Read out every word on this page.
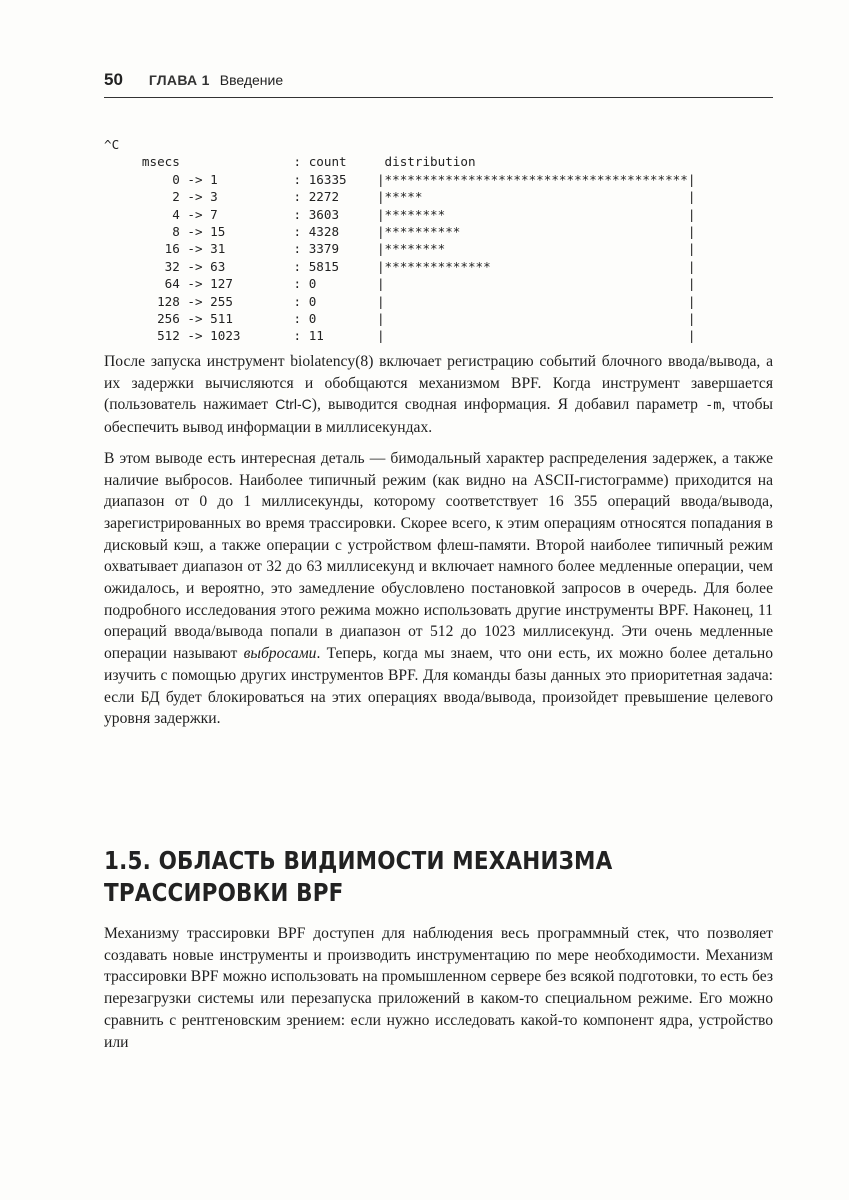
50 ГЛАВА 1 Введение
^C
msecs               : count     distribution
0 -> 1          : 16335    |****************************************|
2 -> 3          : 2272     |*****                                   |
4 -> 7          : 3603     |********                                |
8 -> 15         : 4328     |**********                              |
16 -> 31         : 3379     |********                                |
32 -> 63         : 5815     |**************                          |
64 -> 127        : 0        |                                        |
128 -> 255        : 0        |                                        |
256 -> 511        : 0        |                                        |
512 -> 1023       : 11       |                                        |

После запуска инструмент biolatency(8) включает регистрацию событий блочного ввода/вывода, а их задержки вычисляются и обобщаются механизмом BPF. Когда инструмент завершается (пользователь нажимает Ctrl-C), выводится сводная информация. Я добавил параметр -m, чтобы обеспечить вывод информации в миллисекундах.

В этом выводе есть интересная деталь — бимодальный характер распределения задержек, а также наличие выбросов. Наиболее типичный режим (как видно на ASCII-гистограмме) приходится на диапазон от 0 до 1 миллисекунды, которому соответствует 16 355 операций ввода/вывода, зарегистрированных во время трассировки. Скорее всего, к этим операциям относятся попадания в дисковый кэш, а также операции с устройством флеш-памяти. Второй наиболее типичный режим охватывает диапазон от 32 до 63 миллисекунд и включает намного более медленные операции, чем ожидалось, и вероятно, это замедление обусловлено постановкой запросов в очередь. Для более подробного исследования этого режима можно использовать другие инструменты BPF. Наконец, 11 операций ввода/вывода попали в диапазон от 512 до 1023 миллисекунд. Эти очень медленные операции называют выбросами. Теперь, когда мы знаем, что они есть, их можно более детально изучить с помощью других инструментов BPF. Для команды базы данных это приоритетная задача: если БД будет блокироваться на этих операциях ввода/вывода, произойдет превышение целевого уровня задержки.

1.5. ОБЛАСТЬ ВИДИМОСТИ МЕХАНИЗМА
ТРАССИРОВКИ BPF

Механизму трассировки BPF доступен для наблюдения весь программный стек, что позволяет создавать новые инструменты и производить инструментацию по мере необходимости. Механизм трассировки BPF можно использовать на промышленном сервере без всякой подготовки, то есть без перезагрузки системы или перезапуска приложений в каком-то специальном режиме. Его можно сравнить с рентгеновским зрением: если нужно исследовать какой-то компонент ядра, устройство или
